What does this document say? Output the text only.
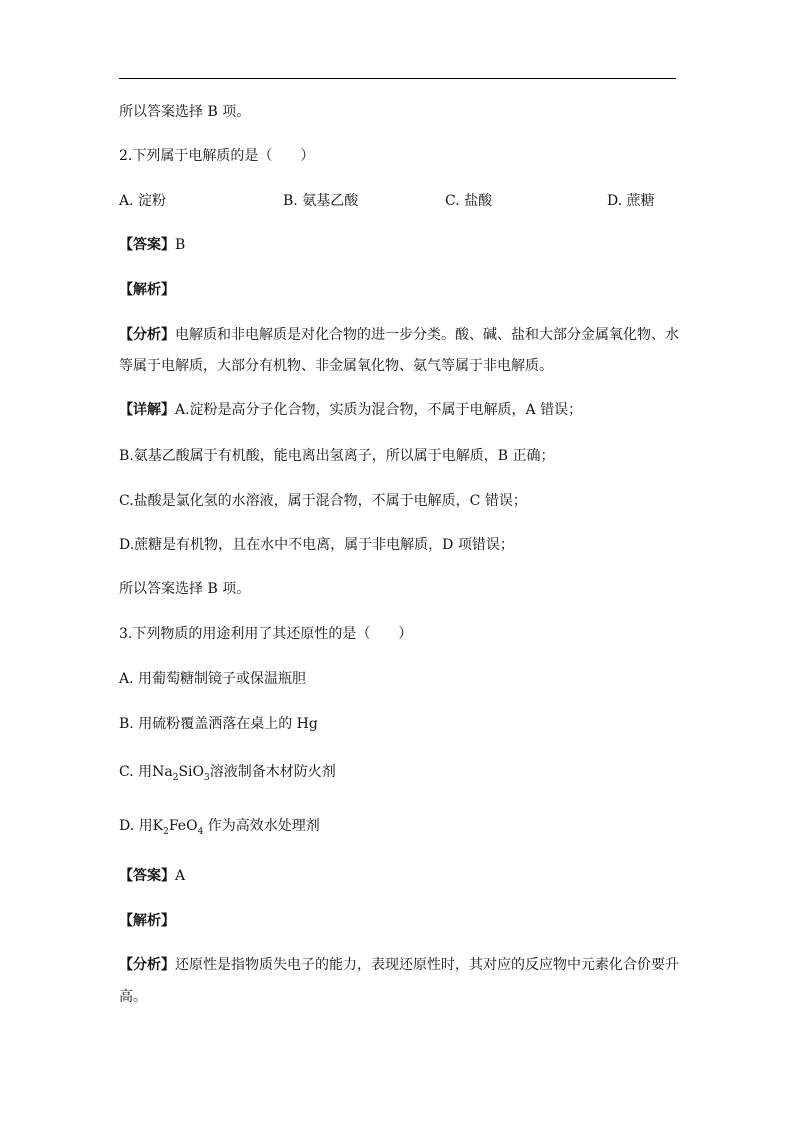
所以答案选择 B 项。
2.下列属于电解质的是（　　）
A. 淀粉	B. 氨基乙酸	C. 盐酸	D. 蔗糖
【答案】B
【解析】
【分析】电解质和非电解质是对化合物的进一步分类。酸、碱、盐和大部分金属氧化物、水
等属于电解质，大部分有机物、非金属氧化物、氨气等属于非电解质。
【详解】A.淀粉是高分子化合物，实质为混合物，不属于电解质，A 错误；
B.氨基乙酸属于有机酸，能电离出氢离子，所以属于电解质，B 正确；
C.盐酸是氯化氢的水溶液，属于混合物，不属于电解质，C 错误；
D.蔗糖是有机物，且在水中不电离，属于非电解质，D 项错误；
所以答案选择 B 项。
3.下列物质的用途利用了其还原性的是（　　）
A. 用葡萄糖制镜子或保温瓶胆
B. 用硫粉覆盖洒落在桌上的 Hg
C. 用$Na_2SiO_3$溶液制备木材防火剂
D. 用$K_2FeO_4$ 作为高效水处理剂
【答案】A
【解析】
【分析】还原性是指物质失电子的能力，表现还原性时，其对应的反应物中元素化合价要升
高。
